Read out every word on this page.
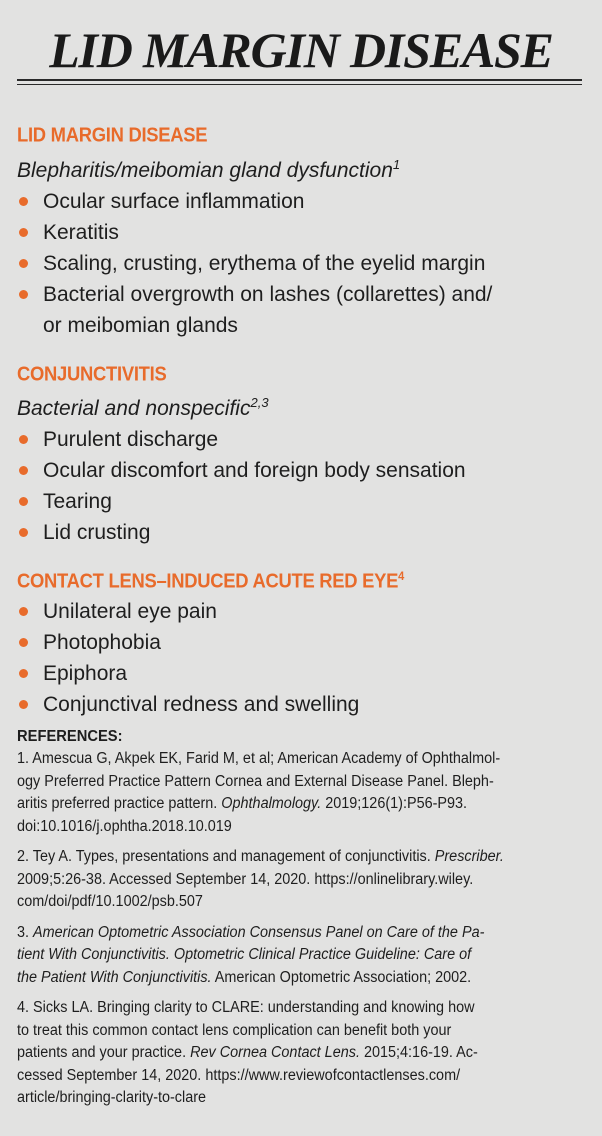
LID MARGIN DISEASE

LID MARGIN DISEASE

Blepharitis/meibomian gland dysfunction$^1$

Ocular surface inflammation
Keratitis
Scaling, crusting, erythema of the eyelid margin
Bacterial overgrowth on lashes (collarettes) and/
or meibomian glands

CONJUNCTIVITIS

Bacterial and nonspecific$^{2,3}$

Purulent discharge
Ocular discomfort and foreign body sensation
Tearing
Lid crusting

CONTACT LENS–INDUCED ACUTE RED EYE$^4$

Unilateral eye pain
Photophobia
Epiphora
Conjunctival redness and swelling

REFERENCES:

1. Amescua G, Akpek EK, Farid M, et al; American Academy of Ophthalmol-
ogy Preferred Practice Pattern Cornea and External Disease Panel. Bleph-
aritis preferred practice pattern. Ophthalmology. 2019;126(1):P56-P93.
doi:10.1016/j.ophtha.2018.10.019

2. Tey A. Types, presentations and management of conjunctivitis. Prescriber.
2009;5:26-38. Accessed September 14, 2020. https://onlinelibrary.wiley.
com/doi/pdf/10.1002/psb.507

3. American Optometric Association Consensus Panel on Care of the Pa-
tient With Conjunctivitis. Optometric Clinical Practice Guideline: Care of
the Patient With Conjunctivitis. American Optometric Association; 2002.

4. Sicks LA. Bringing clarity to CLARE: understanding and knowing how
to treat this common contact lens complication can benefit both your
patients and your practice. Rev Cornea Contact Lens. 2015;4:16-19. Ac-
cessed September 14, 2020. https://www.reviewofcontactlenses.com/
article/bringing-clarity-to-clare
